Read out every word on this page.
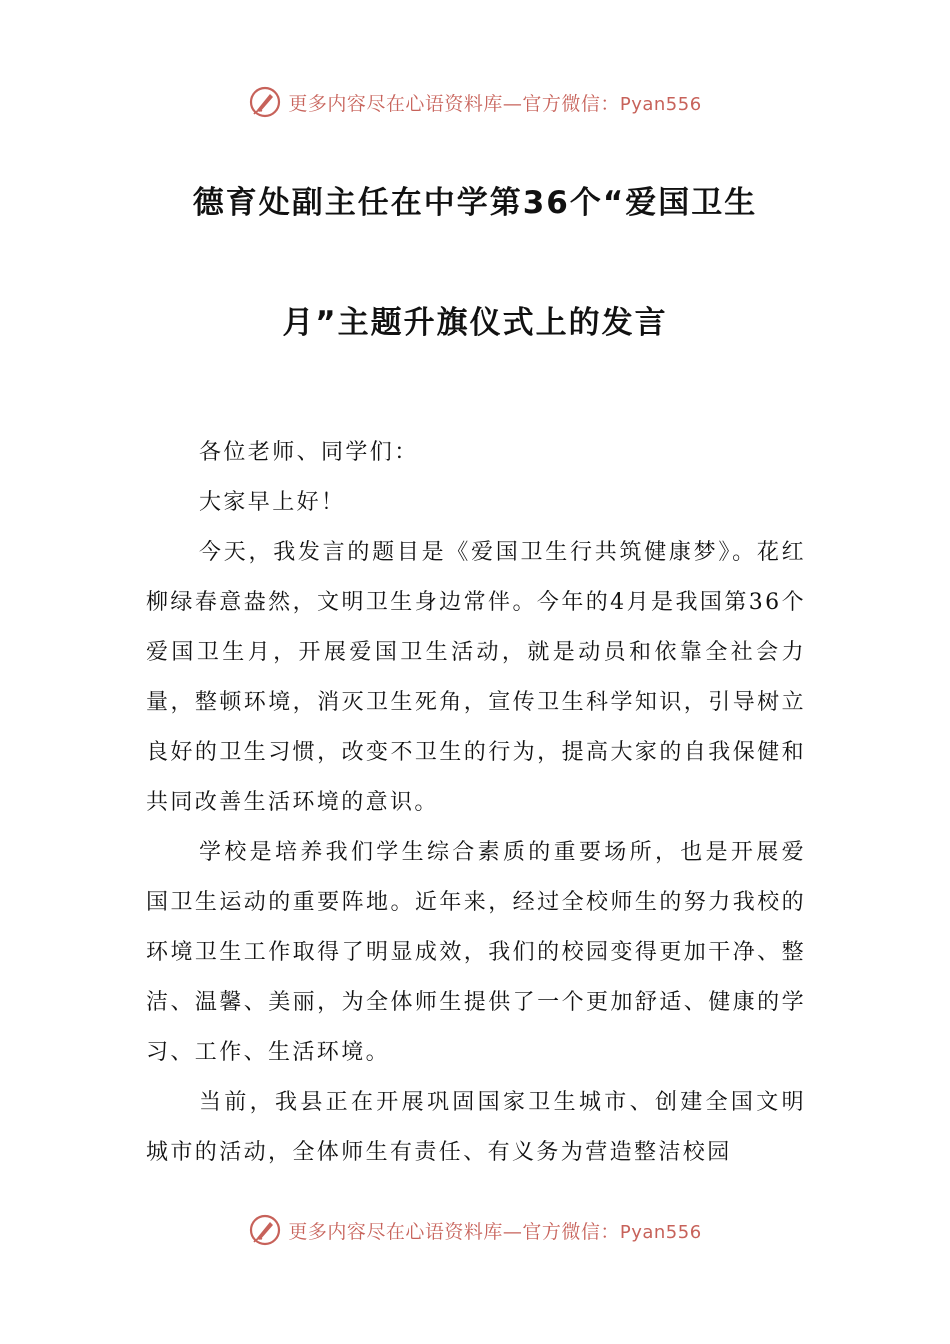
更多内容尽在心语资料库—官方微信：Pyan556
德育处副主任在中学第36个“爱国卫生
月”主题升旗仪式上的发言

各位老师、同学们：

大家早上好！

今天，我发言的题目是《爱国卫生行共筑健康梦》。花红柳绿春意盎然，文明卫生身边常伴。今年的4月是我国第36个爱国卫生月，开展爱国卫生活动，就是动员和依靠全社会力量，整顿环境，消灭卫生死角，宣传卫生科学知识，引导树立良好的卫生习惯，改变不卫生的行为，提高大家的自我保健和共同改善生活环境的意识。

学校是培养我们学生综合素质的重要场所，也是开展爱国卫生运动的重要阵地。近年来，经过全校师生的努力我校的环境卫生工作取得了明显成效，我们的校园变得更加干净、整洁、温馨、美丽，为全体师生提供了一个更加舒适、健康的学习、工作、生活环境。

当前，我县正在开展巩固国家卫生城市、创建全国文明城市的活动，全体师生有责任、有义务为营造整洁校园

更多内容尽在心语资料库—官方微信：Pyan556
